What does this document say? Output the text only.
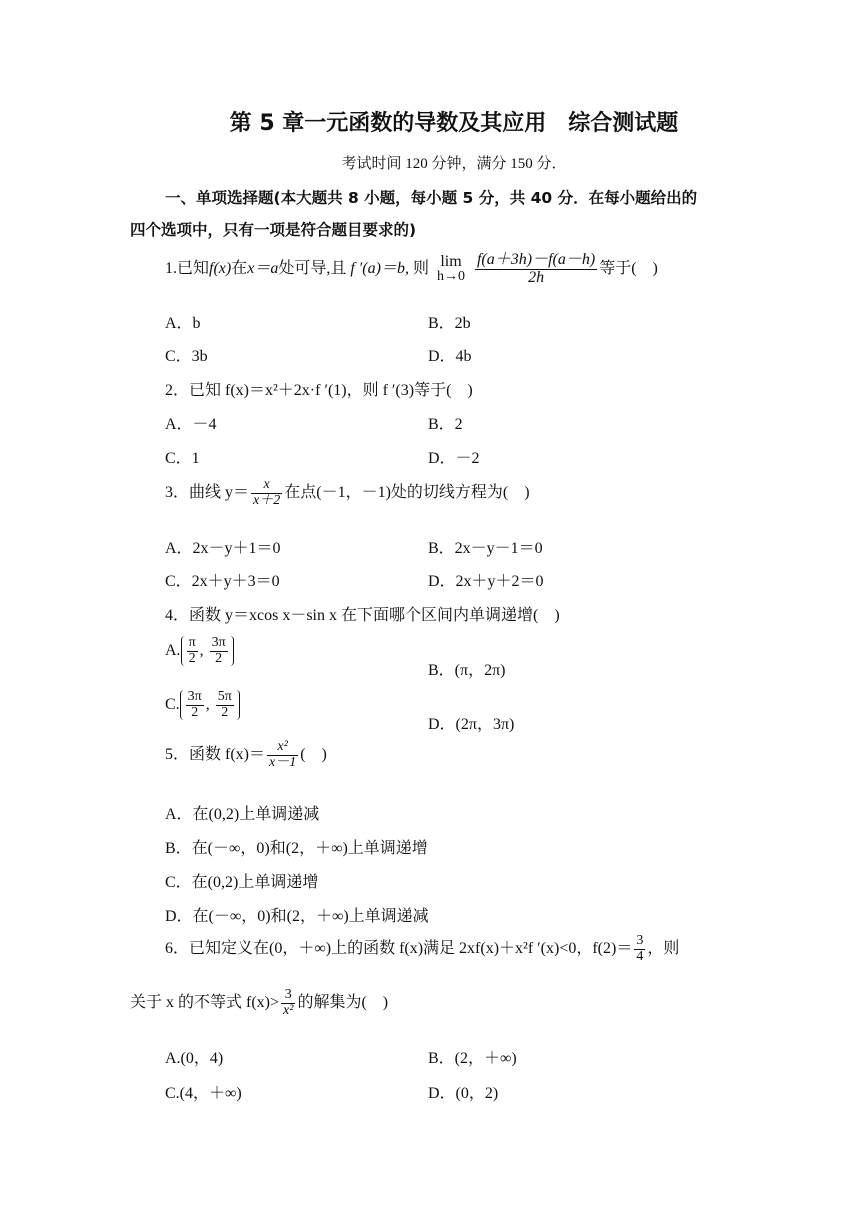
第 5 章一元函数的导数及其应用　综合测试题
考试时间 120 分钟，满分 150 分．
一、单项选择题(本大题共 8 小题，每小题 5 分，共 40 分．在每小题给出的
四个选项中，只有一项是符合题目要求的)
1.已知f(x)在x＝a处可导,且 f ′(a)＝b, 则 lim
h→0
$\frac{f(a+3h)-f(a-h)}{2h}$ 等于(　)
A．b	B．2b
C．3b	D．4b
2．已知 f(x)＝x²＋2x·f ′(1)，则 f ′(3)等于(　)
A．－4	B．2
C．1	D．－2
3．曲线 $y= \frac{x}{x+2}$ 在点(－1，－1)处的切线方程为(　)
A．2x－y＋1＝0	B．2x－y－1＝0
C．2x＋y＋3＝0	D．2x＋y＋2＝0
4．函数 y＝xcos x－sin x 在下面哪个区间内单调递增(　)
A. $\frac{\pi}{2}$ , $\frac{3\pi}{2}$
B．(π，2π)
C. $\frac{3\pi}{2}$ , $\frac{5\pi}{2}$
D．(2π，3π)
5．函数 $f(x)= \frac{\text{x²}}{x-1}$ (　)
A．在(0,2)上单调递减
B．在(－∞，0)和(2，＋∞)上单调递增
C．在(0,2)上单调递增
D．在(－∞，0)和(2，＋∞)上单调递减
6．已知定义在(0，＋∞)上的函数 f(x)满足 2xf(x)＋x²f ′(x)<0，$f(2)= \frac{3}{4}$ ，则
关于 x 的不等式 $f(x)> \frac{3}{\text{x²}}$ 的解集为(　)
A.(0，4)	B．(2，＋∞)
C.(4，＋∞)	D．(0，2)
